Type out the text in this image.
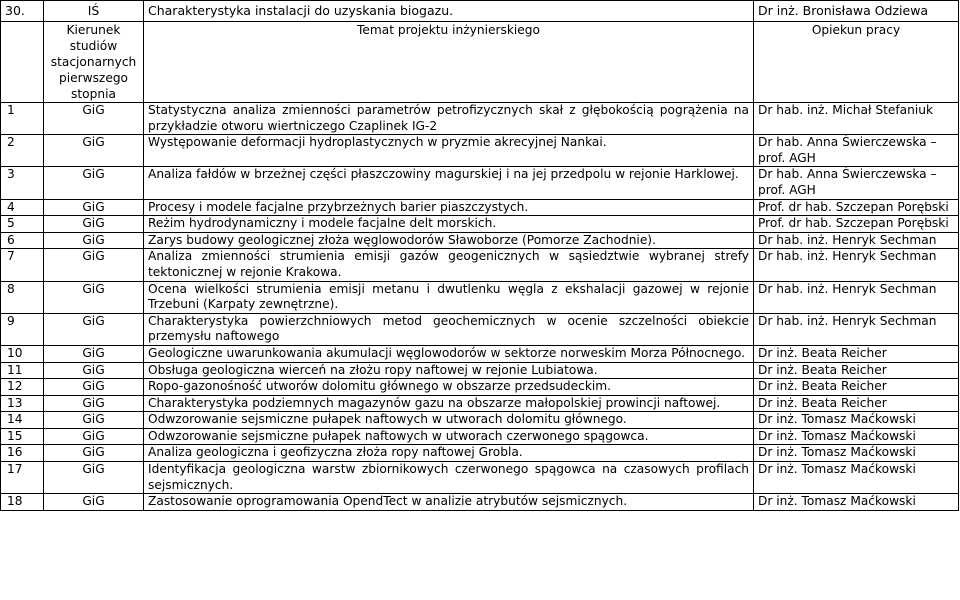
30.	IŚ	Charakterystyka instalacji do uzyskania biogazu.	Dr inż. Bronisława Odziewa
	Kierunek studiów stacjonarnych pierwszego stopnia	Temat projektu inżynierskiego	Opiekun pracy
1	GiG	Statystyczna analiza zmienności parametrów petrofizycznych skał z głębokością pogrążenia na przykładzie otworu wiertniczego Czaplinek IG-2	Dr hab. inż. Michał Stefaniuk
2	GiG	Występowanie deformacji hydroplastycznych w pryzmie akrecyjnej Nankai.	Dr hab. Anna Świerczewska – prof. AGH
3	GiG	Analiza fałdów w brzeżnej części płaszczowiny magurskiej i na jej przedpolu w rejonie Harklowej.	Dr hab. Anna Świerczewska – prof. AGH
4	GiG	Procesy i modele facjalne przybrzeżnych barier piaszczystych.	Prof. dr hab. Szczepan Porębski
5	GiG	Reżim hydrodynamiczny i modele facjalne delt morskich.	Prof. dr hab. Szczepan Porębski
6	GiG	Zarys budowy geologicznej złoża węglowodorów Sławoborze (Pomorze Zachodnie).	Dr hab. inż. Henryk Sechman
7	GiG	Analiza zmienności strumienia emisji gazów geogenicznych w sąsiedztwie wybranej strefy tektonicznej w rejonie Krakowa.	Dr hab. inż. Henryk Sechman
8	GiG	Ocena wielkości strumienia emisji metanu i dwutlenku węgla z ekshalacji gazowej w rejonie Trzebuni (Karpaty zewnętrzne).	Dr hab. inż. Henryk Sechman
9	GiG	Charakterystyka powierzchniowych metod geochemicznych w ocenie szczelności obiekcie przemysłu naftowego	Dr hab. inż. Henryk Sechman
10	GiG	Geologiczne uwarunkowania akumulacji węglowodorów w sektorze norweskim Morza Północnego.	Dr inż. Beata Reicher
11	GiG	Obsługa geologiczna wierceń na złożu ropy naftowej w rejonie Lubiatowa.	Dr inż. Beata Reicher
12	GiG	Ropo-gazonośność utworów dolomitu głównego w obszarze przedsudeckim.	Dr inż. Beata Reicher
13	GiG	Charakterystyka podziemnych magazynów gazu na obszarze małopolskiej prowincji naftowej.	Dr inż. Beata Reicher
14	GiG	Odwzorowanie sejsmiczne pułapek naftowych w utworach dolomitu głównego.	Dr inż. Tomasz Maćkowski
15	GiG	Odwzorowanie sejsmiczne pułapek naftowych w utworach czerwonego spągowca.	Dr inż. Tomasz Maćkowski
16	GiG	Analiza geologiczna i geofizyczna złoża ropy naftowej Grobla.	Dr inż. Tomasz Maćkowski
17	GiG	Identyfikacja geologiczna warstw zbiornikowych czerwonego spągowca na czasowych profilach sejsmicznych.	Dr inż. Tomasz Maćkowski
18	GiG	Zastosowanie oprogramowania OpendTect w analizie atrybutów sejsmicznych.	Dr inż. Tomasz Maćkowski
